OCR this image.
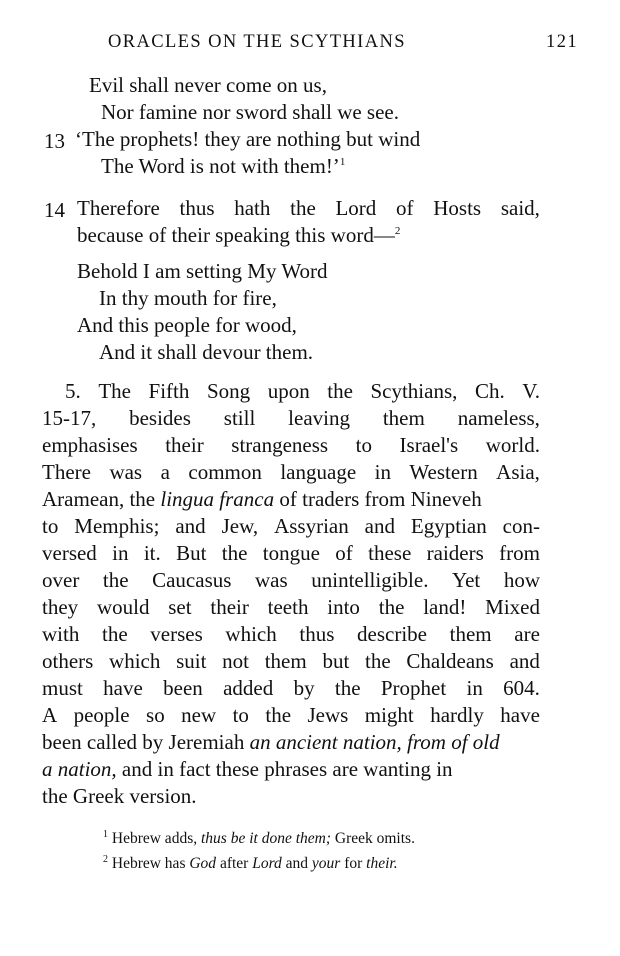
ORACLES ON THE SCYTHIANS	121
Evil shall never come on us,
Nor famine nor sword shall we see.
13 ‘The prophets! they are nothing but wind
The Word is not with them!’$^1$
14 Therefore thus hath the Lord of Hosts said,
because of their speaking this word—$^2$
Behold I am setting My Word
In thy mouth for fire,
And this people for wood,
And it shall devour them.
5. The Fifth Song upon the Scythians, Ch. V.
15-17, besides still leaving them nameless,
emphasises their strangeness to Israel's world.
There was a common language in Western Asia,
Aramean, the lingua franca of traders from Nineveh
to Memphis; and Jew, Assyrian and Egyptian con-
versed in it. But the tongue of these raiders from
over the Caucasus was unintelligible. Yet how
they would set their teeth into the land! Mixed
with the verses which thus describe them are
others which suit not them but the Chaldeans and
must have been added by the Prophet in 604.
A people so new to the Jews might hardly have
been called by Jeremiah an ancient nation, from of old
a nation, and in fact these phrases are wanting in
the Greek version.
$^1$ Hebrew adds, thus be it done them; Greek omits.
$^2$ Hebrew has God after Lord and your for their.
